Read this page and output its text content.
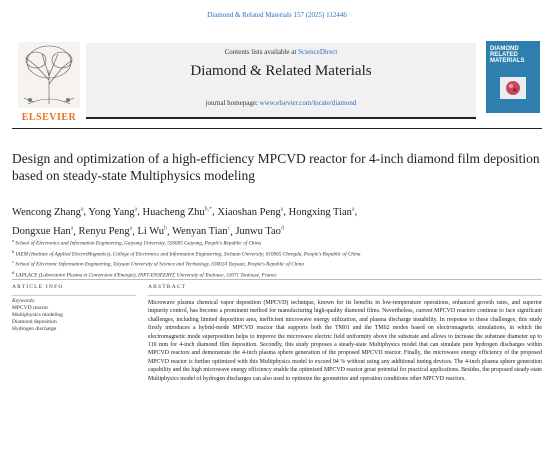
Diamond & Related Materials 157 (2025) 112446
ELSEVIER
Contents lists available at ScienceDirect
Diamond & Related Materials
journal homepage: www.elsevier.com/locate/diamond
DIAMOND
RELATED
MATERIALS
Design and optimization of a high-efficiency MPCVD reactor for 4-inch diamond film deposition based on steady-state Multiphysics modeling
Wencong Zhang$^a$, Yong Yang$^a$, Huacheng Zhu$^{b,*}$, Xiaoshan Peng$^a$, Hongxing Tian$^a$,
Dongxue Han$^a$, Renyu Peng$^a$, Li Wu$^b$, Wenyan Tian$^c$, Junwu Tao$^d$
$^a$ School of Electronics and Information Engineering, Guiyang University, 550005 Guiyang, People's Republic of China
$^b$ IAEM (Institute of Applied ElectroMagnetics), College of Electronics and Information Engineering, Sichuan University, 610065 Chengdu, People's Republic of China
$^c$ School of Electronic Information Engineering, Taiyuan University of Science and Technology, 030024 Taiyuan, People's Republic of China
$^d$ LAPLACE (Laboratoire Plasma et Conversion d'Energie), INPT-ENSEEIHT, University of Toulouse, 31071 Toulouse, France
ARTICLE INFO
Keywords:
MPCVD reactor
Multiphysics modeling
Diamond deposition
Hydrogen discharge
ABSTRACT
Microwave plasma chemical vapor deposition (MPCVD) technique, known for its benefits in low-temperature operations, enhanced growth rates, and superior impurity control, has become a prominent method for manufacturing high-quality diamond films. Nevertheless, current MPCVD reactors continue to face significant challenges, including limited deposition area, inefficient microwave energy utilization, and plasma discharge instability. In response to these challenges, this study firstly introduces a hybrid-mode MPCVD reactor that supports both the TM01 and the TM02 modes based on electromagnetic simulations, in which the electromagnetic mode superposition helps to improve the microwave electric field uniformity above the substrate and allows to increase the substrate diameter up to 110 mm for 4-inch diamond film deposition. Secondly, this study proposes a steady-state Multiphysics model that can simulate pure hydrogen discharges within MPCVD reactors and demonstrate the 4-inch plasma sphere generation of the proposed MPCVD reactor. Finally, the microwave energy efficiency of the proposed MPCVD reactor is further optimized with this Multiphysics model to exceed 94 % without using any additional tuning devices. The 4-inch plasma sphere generation capability and the high microwave energy efficiency enable the optimized MPCVD reactor great potential for practical applications. Besides, the proposed steady-state Multiphysics model of hydrogen discharges can also used to optimize the geometries and operation conditions other MPCVD reactors.
